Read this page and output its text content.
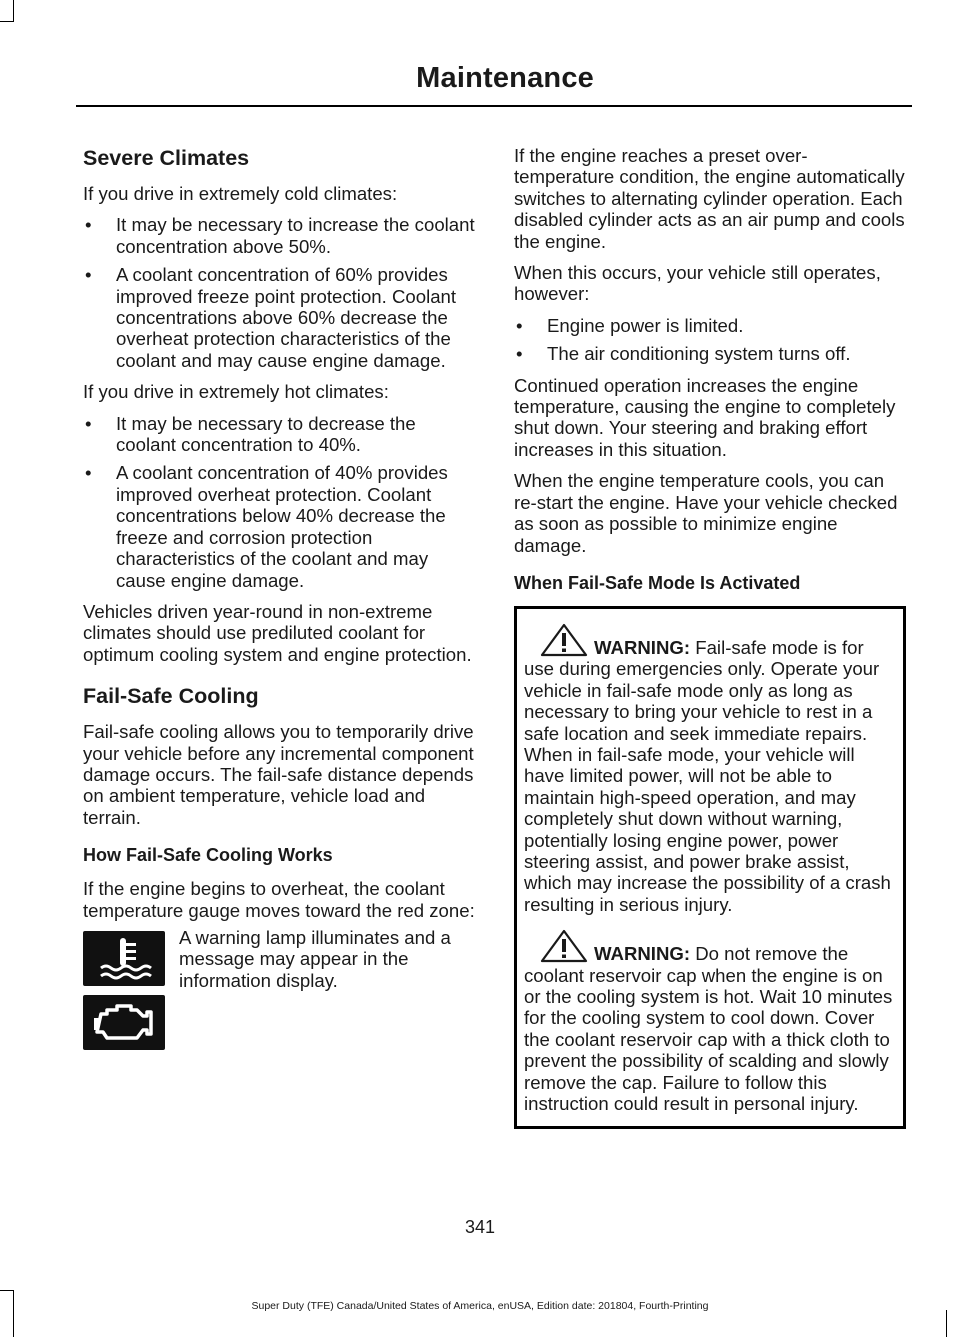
Maintenance
Severe Climates

If you drive in extremely cold climates:

• It may be necessary to increase the coolant concentration above 50%.
• A coolant concentration of 60% provides improved freeze point protection. Coolant concentrations above 60% decrease the overheat protection characteristics of the coolant and may cause engine damage.

If you drive in extremely hot climates:

• It may be necessary to decrease the coolant concentration to 40%.
• A coolant concentration of 40% provides improved overheat protection. Coolant concentrations below 40% decrease the freeze and corrosion protection characteristics of the coolant and may cause engine damage.

Vehicles driven year-round in non-extreme climates should use prediluted coolant for optimum cooling system and engine protection.

Fail-Safe Cooling

Fail-safe cooling allows you to temporarily drive your vehicle before any incremental component damage occurs. The fail-safe distance depends on ambient temperature, vehicle load and terrain.

How Fail-Safe Cooling Works

If the engine begins to overheat, the coolant temperature gauge moves toward the red zone:

A warning lamp illuminates and a message may appear in the information display.

If the engine reaches a preset over-temperature condition, the engine automatically switches to alternating cylinder operation. Each disabled cylinder acts as an air pump and cools the engine.

When this occurs, your vehicle still operates, however:

• Engine power is limited.
• The air conditioning system turns off.

Continued operation increases the engine temperature, causing the engine to completely shut down. Your steering and braking effort increases in this situation.

When the engine temperature cools, you can re-start the engine. Have your vehicle checked as soon as possible to minimize engine damage.

When Fail-Safe Mode Is Activated
WARNING: Fail-safe mode is for use during emergencies only. Operate your vehicle in fail-safe mode only as long as necessary to bring your vehicle to rest in a safe location and seek immediate repairs. When in fail-safe mode, your vehicle will have limited power, will not be able to maintain high-speed operation, and may completely shut down without warning, potentially losing engine power, power steering assist, and power brake assist, which may increase the possibility of a crash resulting in serious injury.
WARNING: Do not remove the coolant reservoir cap when the engine is on or the cooling system is hot. Wait 10 minutes for the cooling system to cool down. Cover the coolant reservoir cap with a thick cloth to prevent the possibility of scalding and slowly remove the cap. Failure to follow this instruction could result in personal injury.
341
Super Duty (TFE) Canada/United States of America, enUSA, Edition date: 201804, Fourth-Printing
